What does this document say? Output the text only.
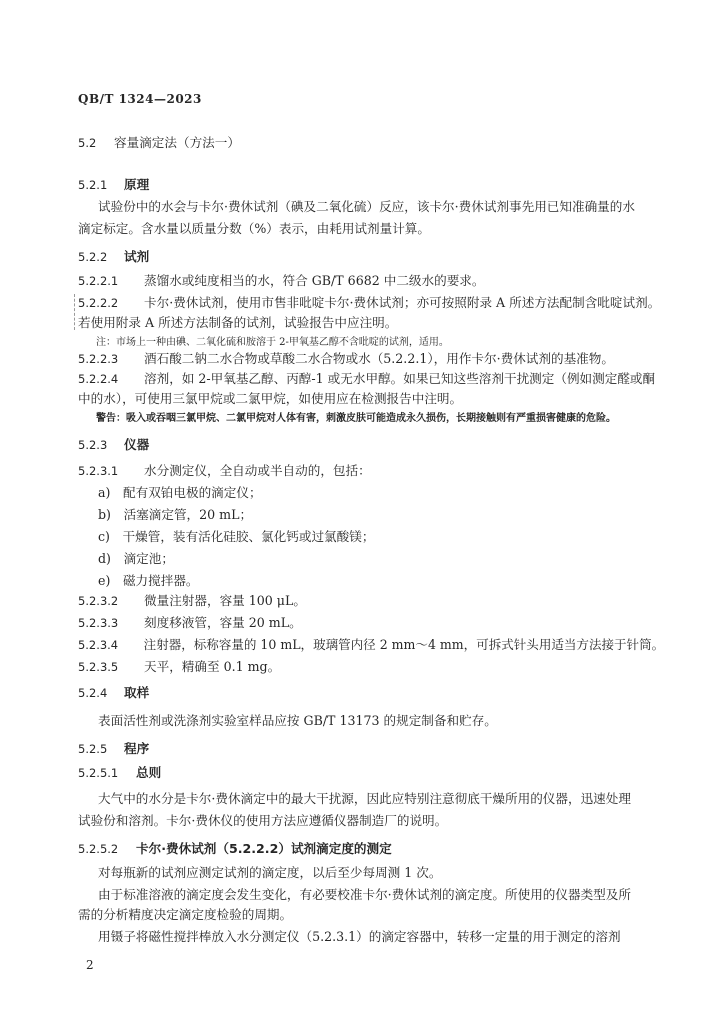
QB/T 1324—2023
5.2 容量滴定法（方法一）
5.2.1 原理
试验份中的水会与卡尔·费休试剂（碘及二氧化硫）反应，该卡尔·费休试剂事先用已知准确量的水
滴定标定。含水量以质量分数（%）表示，由耗用试剂量计算。
5.2.2 试剂
5.2.2.1 蒸馏水或纯度相当的水，符合 GB/T 6682 中二级水的要求。
5.2.2.2 卡尔·费休试剂，使用市售非吡啶卡尔·费休试剂；亦可按照附录 A 所述方法配制含吡啶试剂。
若使用附录 A 所述方法制备的试剂，试验报告中应注明。
注：市场上一种由碘、二氧化硫和胺溶于 2-甲氧基乙醇不含吡啶的试剂，适用。
5.2.2.3 酒石酸二钠二水合物或草酸二水合物或水（5.2.2.1），用作卡尔·费休试剂的基准物。
5.2.2.4 溶剂，如 2-甲氧基乙醇、丙醇-1 或无水甲醇。如果已知这些溶剂干扰测定（例如测定醛或酮
中的水），可使用三氯甲烷或二氯甲烷，如使用应在检测报告中注明。
警告：吸入或吞咽三氯甲烷、二氯甲烷对人体有害，刺激皮肤可能造成永久损伤，长期接触则有严重损害健康的危险。
5.2.3 仪器
5.2.3.1 水分测定仪，全自动或半自动的，包括：
a)　配有双铂电极的滴定仪；
b)　活塞滴定管，20 mL；
c)　干燥管，装有活化硅胶、氯化钙或过氯酸镁；
d)　滴定池；
e)　磁力搅拌器。
5.2.3.2 微量注射器，容量 100 μL。
5.2.3.3 刻度移液管，容量 20 mL。
5.2.3.4 注射器，标称容量的 10 mL，玻璃管内径 2 mm～4 mm，可拆式针头用适当方法接于针筒。
5.2.3.5 天平，精确至 0.1 mg。
5.2.4 取样
表面活性剂或洗涤剂实验室样品应按 GB/T 13173 的规定制备和贮存。
5.2.5 程序
5.2.5.1 总则
大气中的水分是卡尔·费休滴定中的最大干扰源，因此应特别注意彻底干燥所用的仪器，迅速处理
试验份和溶剂。卡尔·费休仪的使用方法应遵循仪器制造厂的说明。
5.2.5.2 卡尔·费休试剂（5.2.2.2）试剂滴定度的测定
对每瓶新的试剂应测定试剂的滴定度，以后至少每周测 1 次。
由于标准溶液的滴定度会发生变化，有必要校准卡尔·费休试剂的滴定度。所使用的仪器类型及所
需的分析精度决定滴定度检验的周期。
用镊子将磁性搅拌棒放入水分测定仪（5.2.3.1）的滴定容器中，转移一定量的用于测定的溶剂
2
